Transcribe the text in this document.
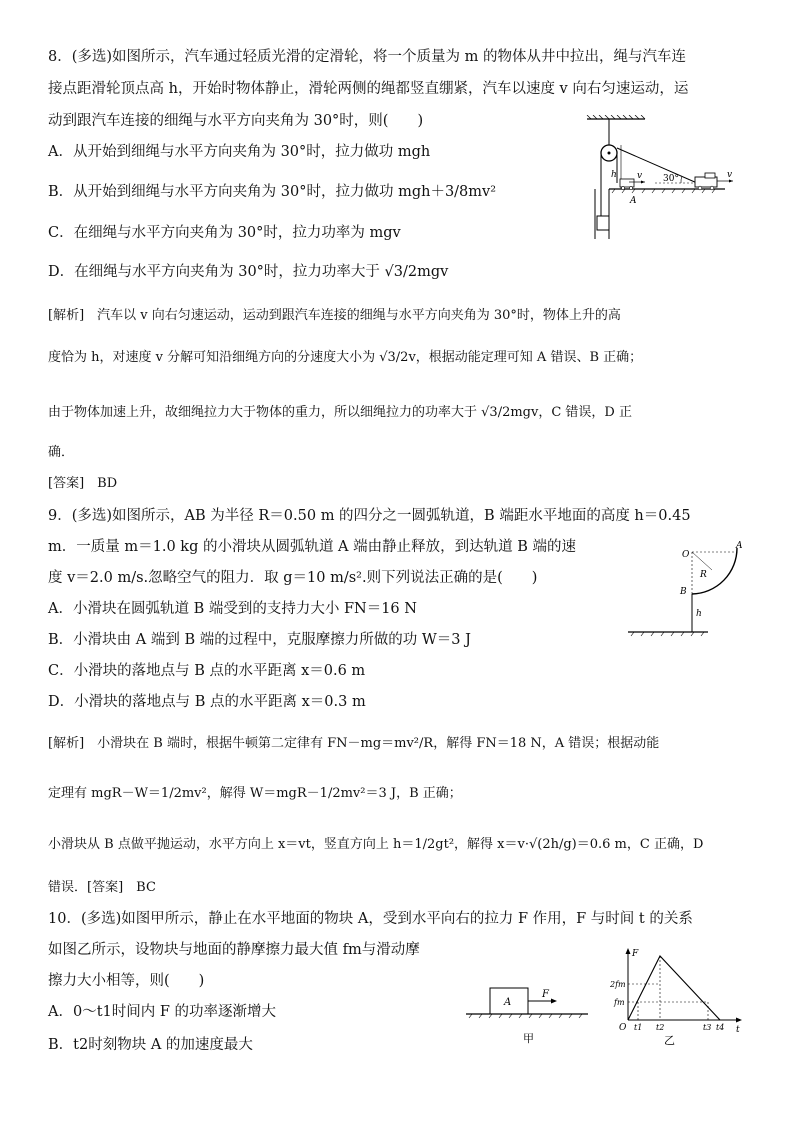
8．(多选)如图所示，汽车通过轻质光滑的定滑轮，将一个质量为 m 的物体从井中拉出，绳与汽车连
接点距滑轮顶点高 h，开始时物体静止，滑轮两侧的绳都竖直绷紧，汽车以速度 v 向右匀速运动，运
动到跟汽车连接的细绳与水平方向夹角为 30°时，则(　　)
A．从开始到细绳与水平方向夹角为 30°时，拉力做功 mgh
B．从开始到细绳与水平方向夹角为 30°时，拉力做功 mgh＋3/8mv²
C．在细绳与水平方向夹角为 30°时，拉力功率为 mgv
D．在细绳与水平方向夹角为 30°时，拉力功率大于 √3/2mgv
[解析]　汽车以 v 向右匀速运动，运动到跟汽车连接的细绳与水平方向夹角为 30°时，物体上升的高
度恰为 h，对速度 v 分解可知沿细绳方向的分速度大小为 √3/2v，根据动能定理可知 A 错误、B 正确；
由于物体加速上升，故细绳拉力大于物体的重力，所以细绳拉力的功率大于 √3/2mgv，C 错误，D 正
确．
[答案]　BD
h
A
v 30°	v
9．(多选)如图所示，AB 为半径 R＝0.50 m 的四分之一圆弧轨道，B 端距水平地面的高度 h＝0.45
m．一质量 m＝1.0 kg 的小滑块从圆弧轨道 A 端由静止释放，到达轨道 B 端的速
度 v＝2.0 m/s.忽略空气的阻力．取 g＝10 m/s².则下列说法正确的是(　　)
A．小滑块在圆弧轨道 B 端受到的支持力大小 FN＝16 N
B．小滑块由 A 端到 B 端的过程中，克服摩擦力所做的功 W＝3 J
C．小滑块的落地点与 B 点的水平距离 x＝0.6 m
D．小滑块的落地点与 B 点的水平距离 x＝0.3 m
[解析]　小滑块在 B 端时，根据牛顿第二定律有 FN－mg＝mv²/R，解得 FN＝18 N，A 错误；根据动能
定理有 mgR－W＝1/2mv²，解得 W＝mgR－1/2mv²＝3 J，B 正确；
小滑块从 B 点做平抛运动，水平方向上 x＝vt，竖直方向上 h＝1/2gt²，解得 x＝v·√(2h/g)＝0.6 m，C 正确，D
错误．[答案]　BC
O
A
R
B
h
10．(多选)如图甲所示，静止在水平地面的物块 A，受到水平向右的拉力 F 作用，F 与时间 t 的关系
如图乙所示，设物块与地面的静摩擦力最大值 fm与滑动摩
擦力大小相等，则(　　)
A．0～t1时间内 F 的功率逐渐增大
B．t2时刻物块 A 的加速度最大
A
F
甲
F
t
O
2fm
fm
t1 t2	t3 t4
乙
